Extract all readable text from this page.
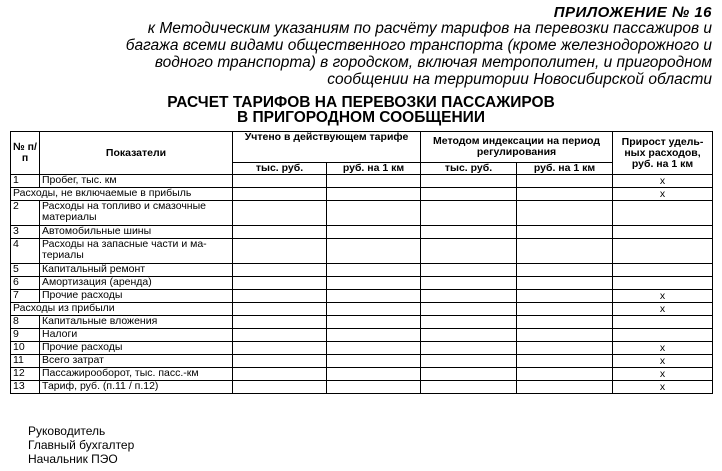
ПРИЛОЖЕНИЕ № 16
к Методическим указаниям по расчёту тарифов на перевозки пассажиров и
багажа всеми видами общественного транспорта (кроме железнодорожного и
водного транспорта) в городском, включая метрополитен, и пригородном
сообщении на территории Новосибирской области
РАСЧЕТ ТАРИФОВ НА ПЕРЕВОЗКИ ПАССАЖИРОВ
В ПРИГОРОДНОМ СООБЩЕНИИ
№ п/п	Показатели	Учтено в действующем тарифе		Методом индексации на период регулирования		Прирост удель-ных расходов, руб. на 1 км
		тыс. руб.	руб. на 1 км	тыс. руб.	руб. на 1 км	
1	Пробег, тыс. км					x
Расходы, не включаемые в прибыль						x
2	Расходы на топливо и смазочные материалы					
3	Автомобильные шины					
4	Расходы на запасные части и ма-териалы					
5	Капитальный ремонт					
6	Амортизация (аренда)					
7	Прочие расходы					x
Расходы из прибыли						x
8	Капитальные вложения					
9	Налоги					
10	Прочие расходы					x
11	Всего затрат					x
12	Пассажирооборот, тыс. пасс.-км					x
13	Тариф, руб. (п.11 / п.12)					x
Руководитель
Главный бухгалтер
Начальник ПЭО
